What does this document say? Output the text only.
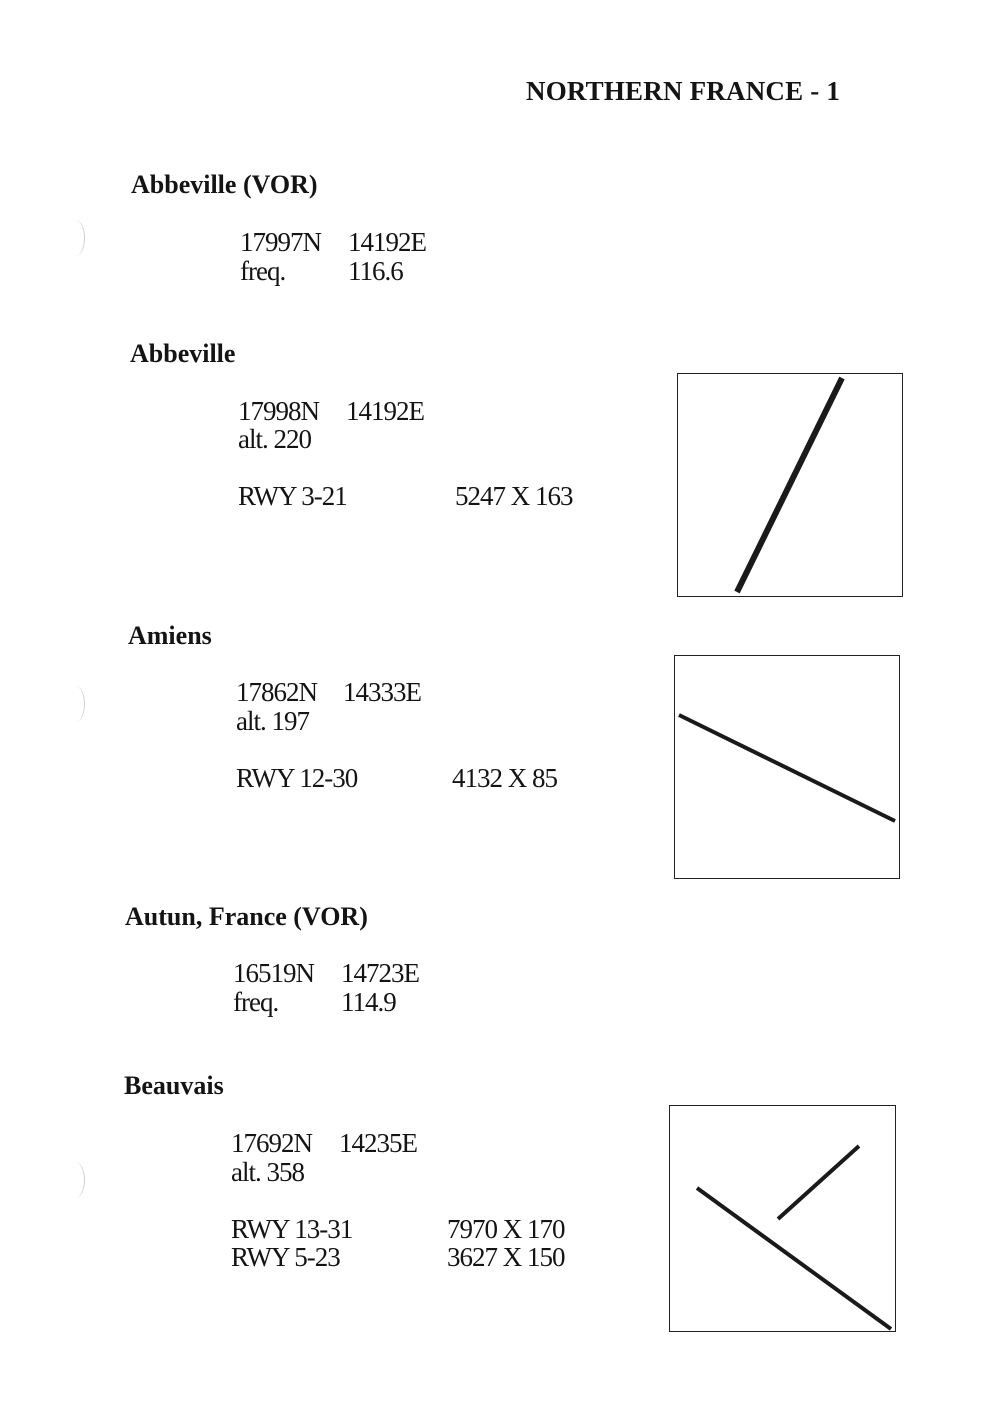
NORTHERN FRANCE - 1
Abbeville (VOR)
17997N 14192E
freq. 116.6
Abbeville
17998N 14192E
alt. 220
RWY 3-21	5247 X 163
Amiens
17862N 14333E
alt. 197
RWY 12-30	4132 X 85
Autun, France (VOR)
16519N 14723E
freq. 114.9
Beauvais
17692N 14235E
alt. 358
RWY 13-31	7970 X 170
RWY 5-23	3627 X 150
